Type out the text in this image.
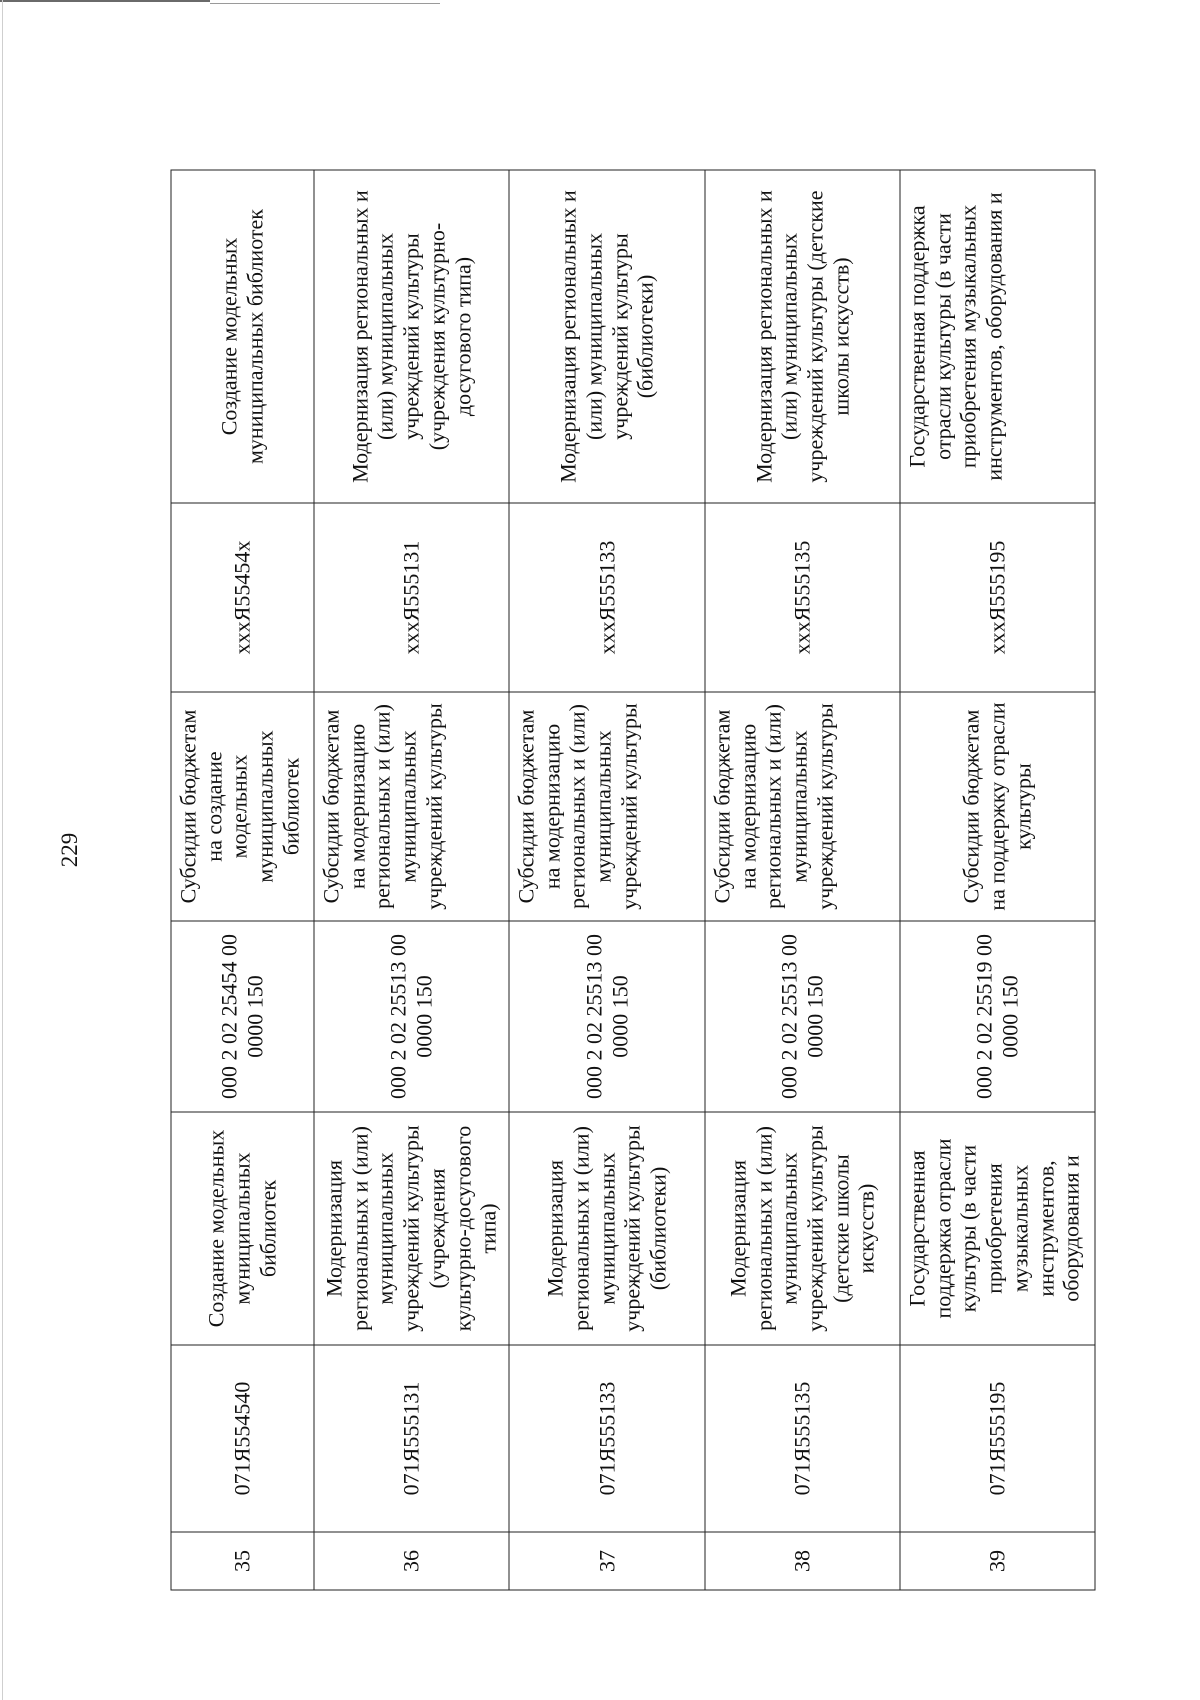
229
35	071Я554540	Создание модельных муниципальных библиотек	000 2 02 25454 00 0000 150	Субсидии бюджетам на создание модельных муниципальных библиотек	xxxЯ55454x	Создание модельных муниципальных библиотек
36	071Я555131	Модернизация региональных и (или) муниципальных учреждений культуры (учреждения культурно-досугового типа)	000 2 02 25513 00 0000 150	Субсидии бюджетам на модернизацию региональных и (или) муниципальных учреждений культуры	xxxЯ555131	Модернизация региональных и (или) муниципальных учреждений культуры (учреждения культурно-досугового типа)
37	071Я555133	Модернизация региональных и (или) муниципальных учреждений культуры (библиотеки)	000 2 02 25513 00 0000 150	Субсидии бюджетам на модернизацию региональных и (или) муниципальных учреждений культуры	xxxЯ555133	Модернизация региональных и (или) муниципальных учреждений культуры (библиотеки)
38	071Я555135	Модернизация региональных и (или) муниципальных учреждений культуры (детские школы искусств)	000 2 02 25513 00 0000 150	Субсидии бюджетам на модернизацию региональных и (или) муниципальных учреждений культуры	xxxЯ555135	Модернизация региональных и (или) муниципальных учреждений культуры (детские школы искусств)
39	071Я555195	Государственная поддержка отрасли культуры (в части приобретения музыкальных инструментов, оборудования и	000 2 02 25519 00 0000 150	Субсидии бюджетам на поддержку отрасли культуры	xxxЯ555195	Государственная поддержка отрасли культуры (в части приобретения музыкальных инструментов, оборудования и
